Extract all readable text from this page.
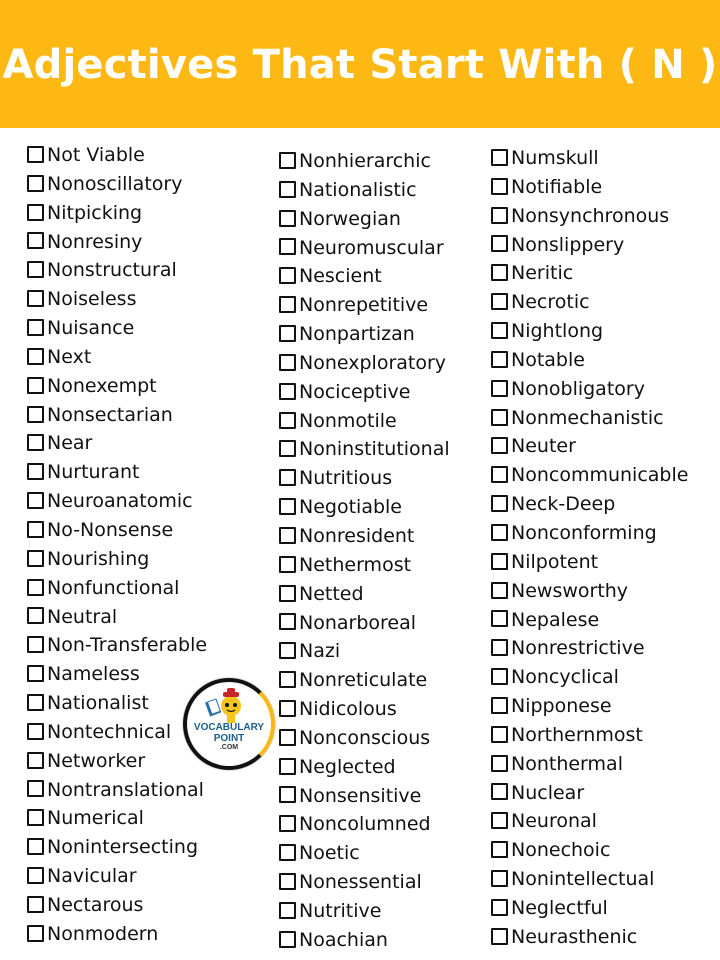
Adjectives That Start With ( N )
Not Viable
Nonoscillatory
Nitpicking
Nonresiny
Nonstructural
Noiseless
Nuisance
Next
Nonexempt
Nonsectarian
Near
Nurturant
Neuroanatomic
No-Nonsense
Nourishing
Nonfunctional
Neutral
Non-Transferable
Nameless
Nationalist
Nontechnical
Networker
Nontranslational
Numerical
Nonintersecting
Navicular
Nectarous
Nonmodern
Nonhierarchic
Nationalistic
Norwegian
Neuromuscular
Nescient
Nonrepetitive
Nonpartizan
Nonexploratory
Nociceptive
Nonmotile
Noninstitutional
Nutritious
Negotiable
Nonresident
Nethermost
Netted
Nonarboreal
Nazi
Nonreticulate
Nidicolous
Nonconscious
Neglected
Nonsensitive
Noncolumned
Noetic
Nonessential
Nutritive
Noachian
Numskull
Notifiable
Nonsynchronous
Nonslippery
Neritic
Necrotic
Nightlong
Notable
Nonobligatory
Nonmechanistic
Neuter
Noncommunicable
Neck-Deep
Nonconforming
Nilpotent
Newsworthy
Nepalese
Nonrestrictive
Noncyclical
Nipponese
Northernmost
Nonthermal
Nuclear
Neuronal
Nonechoic
Nonintellectual
Neglectful
Neurasthenic
VOCABULARY
POINT
.COM
